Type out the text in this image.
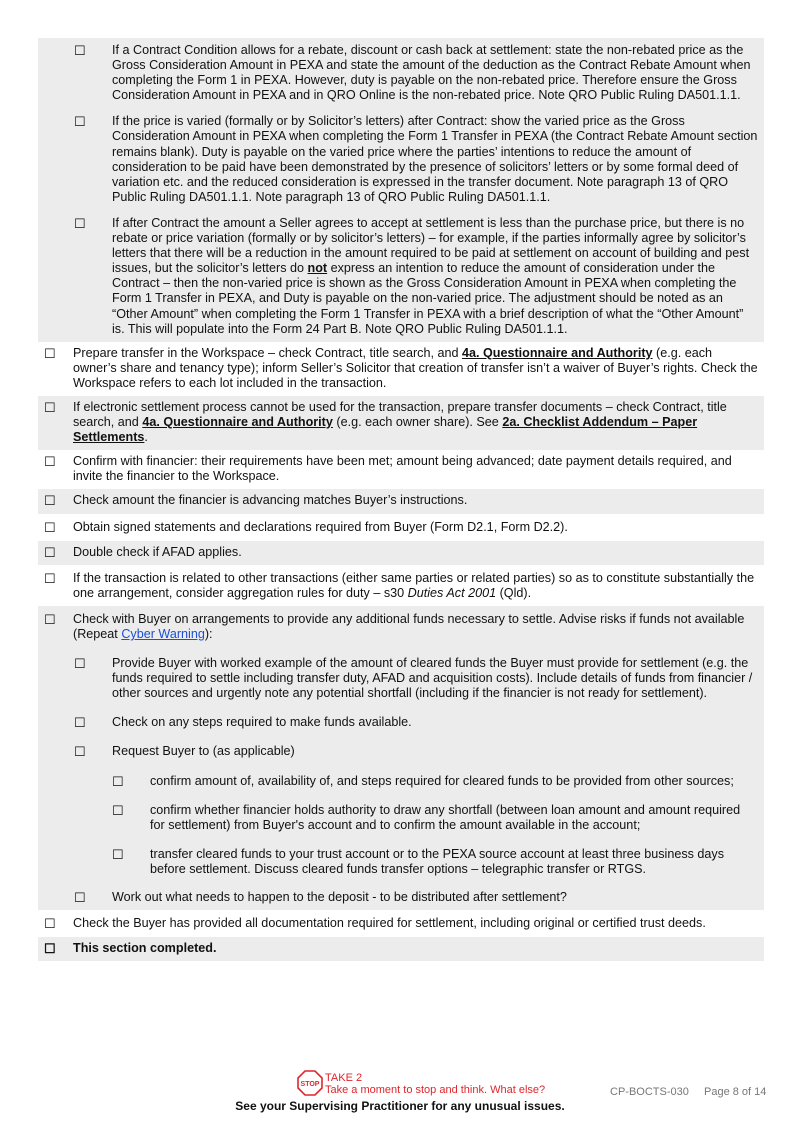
☐	If a Contract Condition allows for a rebate, discount or cash back at settlement: state the non-rebated price as the Gross Consideration Amount in PEXA and state the amount of the deduction as the Contract Rebate Amount when completing the Form 1 in PEXA. However, duty is payable on the non-rebated price. Therefore ensure the Gross Consideration Amount in PEXA and in QRO Online is the non-rebated price. Note QRO Public Ruling DA501.1.1.
☐	If the price is varied (formally or by Solicitor’s letters) after Contract: show the varied price as the Gross Consideration Amount in PEXA when completing the Form 1 Transfer in PEXA (the Contract Rebate Amount section remains blank). Duty is payable on the varied price where the parties’ intentions to reduce the amount of consideration to be paid have been demonstrated by the presence of solicitors’ letters or by some formal deed of variation etc. and the reduced consideration is expressed in the transfer document. Note paragraph 13 of QRO Public Ruling DA501.1.1. Note paragraph 13 of QRO Public Ruling DA501.1.1.
☐	If after Contract the amount a Seller agrees to accept at settlement is less than the purchase price, but there is no rebate or price variation (formally or by solicitor’s letters) – for example, if the parties informally agree by solicitor’s letters that there will be a reduction in the amount required to be paid at settlement on account of building and pest issues, but the solicitor’s letters do not express an intention to reduce the amount of consideration under the Contract – then the non-varied price is shown as the Gross Consideration Amount in PEXA when completing the Form 1 Transfer in PEXA, and Duty is payable on the non-varied price. The adjustment should be noted as an “Other Amount” when completing the Form 1 Transfer in PEXA with a brief description of what the “Other Amount” is. This will populate into the Form 24 Part B. Note QRO Public Ruling DA501.1.1.
☐	Prepare transfer in the Workspace – check Contract, title search, and 4a. Questionnaire and Authority (e.g. each owner’s share and tenancy type); inform Seller’s Solicitor that creation of transfer isn’t a waiver of Buyer’s rights. Check the Workspace refers to each lot included in the transaction.
☐	If electronic settlement process cannot be used for the transaction, prepare transfer documents – check Contract, title search, and 4a. Questionnaire and Authority (e.g. each owner share). See 2a. Checklist Addendum – Paper Settlements.
☐	Confirm with financier: their requirements have been met; amount being advanced; date payment details required, and invite the financier to the Workspace.
☐	Check amount the financier is advancing matches Buyer’s instructions.
☐	Obtain signed statements and declarations required from Buyer (Form D2.1, Form D2.2).
☐	Double check if AFAD applies.
☐	If the transaction is related to other transactions (either same parties or related parties) so as to constitute substantially the one arrangement, consider aggregation rules for duty – s30 Duties Act 2001 (Qld).
☐	Check with Buyer on arrangements to provide any additional funds necessary to settle. Advise risks if funds not available (Repeat Cyber Warning):
☐	Provide Buyer with worked example of the amount of cleared funds the Buyer must provide for settlement (e.g. the funds required to settle including transfer duty, AFAD and acquisition costs). Include details of funds from financier / other sources and urgently note any potential shortfall (including if the financier is not ready for settlement).
☐	Check on any steps required to make funds available.
☐	Request Buyer to (as applicable)
☐	confirm amount of, availability of, and steps required for cleared funds to be provided from other sources;
☐	confirm whether financier holds authority to draw any shortfall (between loan amount and amount required for settlement) from Buyer's account and to confirm the amount available in the account;
☐	transfer cleared funds to your trust account or to the PEXA source account at least three business days before settlement. Discuss cleared funds transfer options – telegraphic transfer or RTGS.
☐	Work out what needs to happen to the deposit - to be distributed after settlement?
☐	Check the Buyer has provided all documentation required for settlement, including original or certified trust deeds.
☐	This section completed.
STOP
TAKE 2
Take a moment to stop and think. What else?	CP-BOCTS-030 Page 8 of 14
See your Supervising Practitioner for any unusual issues.
